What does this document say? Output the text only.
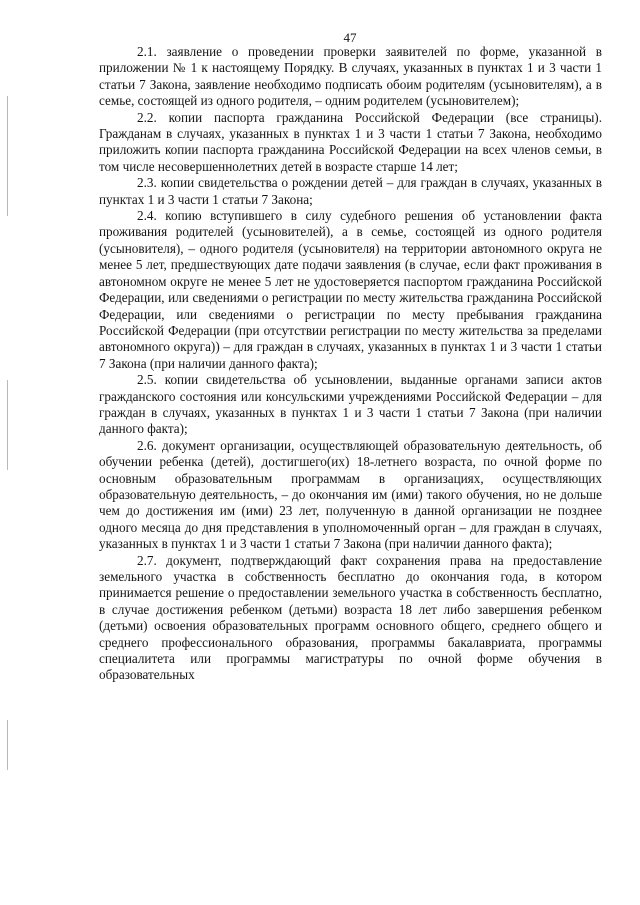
47

2.1. заявление о проведении проверки заявителей по форме, указанной в приложении № 1 к настоящему Порядку. В случаях, указанных в пунктах 1 и 3 части 1 статьи 7 Закона, заявление необходимо подписать обоим родителям (усыновителям), а в семье, состоящей из одного родителя, – одним родителем (усыновителем);

2.2. копии паспорта гражданина Российской Федерации (все страницы). Гражданам в случаях, указанных в пунктах 1 и 3 части 1 статьи 7 Закона, необходимо приложить копии паспорта гражданина Российской Федерации на всех членов семьи, в том числе несовершеннолетних детей в возрасте старше 14 лет;

2.3. копии свидетельства о рождении детей – для граждан в случаях, указанных в пунктах 1 и 3 части 1 статьи 7 Закона;

2.4. копию вступившего в силу судебного решения об установлении факта проживания родителей (усыновителей), а в семье, состоящей из одного родителя (усыновителя), – одного родителя (усыновителя) на территории автономного округа не менее 5 лет, предшествующих дате подачи заявления (в случае, если факт проживания в автономном округе не менее 5 лет не удостоверяется паспортом гражданина Российской Федерации, или сведениями о регистрации по месту жительства гражданина Российской Федерации, или сведениями о регистрации по месту пребывания гражданина Российской Федерации (при отсутствии регистрации по месту жительства за пределами автономного округа)) – для граждан в случаях, указанных в пунктах 1 и 3 части 1 статьи 7 Закона (при наличии данного факта);

2.5. копии свидетельства об усыновлении, выданные органами записи актов гражданского состояния или консульскими учреждениями Российской Федерации – для граждан в случаях, указанных в пунктах 1 и 3 части 1 статьи 7 Закона (при наличии данного факта);

2.6. документ организации, осуществляющей образовательную деятельность, об обучении ребенка (детей), достигшего(их) 18-летнего возраста, по очной форме по основным образовательным программам в организациях, осуществляющих образовательную деятельность, – до окончания им (ими) такого обучения, но не дольше чем до достижения им (ими) 23 лет, полученную в данной организации не позднее одного месяца до дня представления в уполномоченный орган – для граждан в случаях, указанных в пунктах 1 и 3 части 1 статьи 7 Закона (при наличии данного факта);

2.7. документ, подтверждающий факт сохранения права на предоставление земельного участка в собственность бесплатно до окончания года, в котором принимается решение о предоставлении земельного участка в собственность бесплатно, в случае достижения ребенком (детьми) возраста 18 лет либо завершения ребенком (детьми) освоения образовательных программ основного общего, среднего общего и среднего профессионального образования, программы бакалавриата, программы специалитета или программы магистратуры по очной форме обучения в образовательных
